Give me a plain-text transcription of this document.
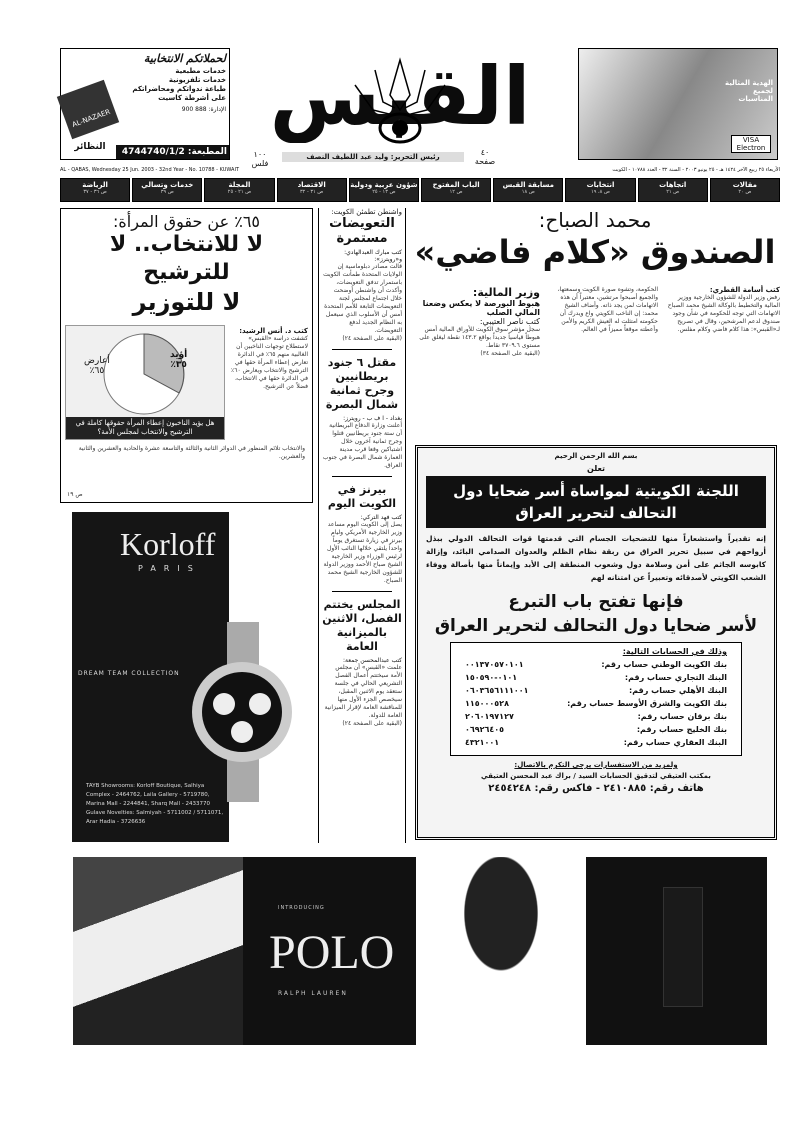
لحملاتكم الانتخابية
خدمات مطبعية
خدمات تلفزيونية
طباعة ندواتكم ومحاضراتكم على أشرطة كاسيت
الإدارة: 888 900
AL-NAZAER
النظائر	المطبعة: 4744740/1/2
القبس
٤٠
صفحة
١٠٠
فلس
رئيس التحرير: وليد عبد اللطيف النصف
الهدية المثالية لجميع المناسبات
VISA Electron
الأربعاء ٢٥ ربيع الآخر ١٤٢٤ هـ - ٢٥ يونيو ٢٠٠٣ - السنة ٣٢ - العدد ١٠٧٨٨ - الكويت
AL - QABAS, Wednesday 25 Jun. 2003 - 32nd Year - No. 10788 - KUWAIT
مقالات
ص ٢٠
اتجاهات
ص ٢١
انتخابات
ص ٨، ١٩
مسابقة القبس
ص ١٨
الباب المفتوح
ص ١٢
شؤون عربية ودولية
ص ١٣ - ٢٥
الاقتصاد
ص ٣١ - ٣٢
المجلة
ص ٢١ - ٢٥
خدمات وتسالي
ص ٣٩
الرياضة
ص ٣٦ - ٣٧
محمد الصباح:
الصندوق «كلام فاضي»
كتب أسامة القطري:
رفض وزير الدولة للشؤون الخارجية ووزير المالية والتخطيط بالوكالة الشيخ محمد الصباح الاتهامات التي توجه للحكومة في شأن وجود صندوق لدعم المرشحين، وقال في تصريح لـ«القبس»: هذا كلام فاضي وكلام مفلس.
الحكومة، وتشوه صورة الكويت وسمعتها، والجميع أصبحوا مرتشين، معتبراً أن هذه الاتهامات لمن يجد ذاته. وأضاف الشيخ محمد: إن الناخب الكويتي واع ويدرك أن حكومته امتثلت له العيش الكريم والأمن وأعطته موقعاً مميزاً في العالم.
وزير المالية:
هبوط البورصة لا يعكس وضعنا المالي الصلب
كتب ناصر العتيبي:
سجل مؤشر سوق الكويت للأوراق المالية أمس هبوطاً قياسياً جديداً بواقع ١٤٣.٢ نقطة ليغلق على مستوى ٣٧٠٩.٦ نقاط.
(البقية على الصفحة ٣٤)
بسم الله الرحمن الرحيم
تعلن
اللجنة الكويتية لمواساة أسر ضحايا دول التحالف لتحرير العراق
إنه تقديراً واستشعاراً منها للتضحيات الجسام التي قدمتها قوات التحالف الدولي ببذل أرواحهم في سبيل تحرير العراق من ربقة نظام الظلم والعدوان الصدامي البائد، وإزالة كابوسه الجاثم على أمن وسلامة دول وشعوب المنطقة إلى الأبد وإيماناً منها بأصالة ووفاء الشعب الكويتي لأصدقائه وتعبيراً عن امتنانه لهم
فإنها تفتح باب التبرع
لأسر ضحايا دول التحالف لتحرير العراق
وذلك في الحسابات التالية:
بنك الكويت الوطني حساب رقم:
٠٠١٣٧٠٥٧٠١٠١
البنك التجاري حساب رقم:
٠١٠١-١٥٠٥٩٠
البنك الأهلي حساب رقم:
٠٦٠٣٦٥٦١١١٠٠١
بنك الكويت والشرق الأوسط حساب رقم:
١١٥٠٠٠٥٢٨
بنك برقان حساب رقم:
٢٠٦٠١٩٧١٢٧
بنك الخليج حساب رقم:
٠٦٩٢٦٤٠٥
البنك العقاري حساب رقم:
٤٣٢١٠٠١
ولمزيد من الاستفسارات يرجى التكرم بالاتصال:
بمكتب العتيقي لتدقيق الحسابات السيد / براك عبد المحسن العتيقي
هاتف رقم: ٢٤١٠٨٨٥ - فاكس رقم: ٢٤٥٤٢٤٨
واشنطن تطمئن الكويت:
التعويضات مستمرة
كتب مبارك العبدالهادي: و«رويترز»:
قالت مصادر دبلوماسية إن الولايات المتحدة طمأنت الكويت باستمرار تدفق التعويضات، وأكدت أن واشنطن أوضحت خلال اجتماع لمجلس لجنة التعويضات التابعة للأمم المتحدة أمس أن الأسلوب الذي سيعمل به النظام الجديد لدفع التعويضات.
(البقية على الصفحة ٢٤)
مقتل ٦ جنود بريطانيين وجرح ثمانية شمال البصرة
بغداد - ا ف ب - رويترز:
أعلنت وزارة الدفاع البريطانية أن ستة جنود بريطانيين قتلوا وجرح ثمانية آخرون خلال اشتباكين وقعا قرب مدينة العمارة شمال البصرة في جنوب العراق.
بيرنز في الكويت اليوم
كتب فهد التركي:
يصل إلى الكويت اليوم مساعد وزير الخارجية الأمريكي وليام بيرنز في زيارة تستغرق يوماً واحداً يلتقي خلالها النائب الأول لرئيس الوزراء وزير الخارجية الشيخ صباح الأحمد ووزير الدولة للشؤون الخارجية الشيخ محمد الصباح.
المجلس يختتم الفصل، الاثنين بالميزانية العامة
كتب عبدالمحسن جمعة:
علمت «القبس» أن مجلس الأمة سيختتم أعمال الفصل التشريعي الحالي في جلسة ستعقد يوم الاثنين المقبل، سيخصص الجزء الأول منها للمناقشة العامة لإقرار الميزانية العامة للدولة.
(البقية على الصفحة ٢٤)
٦٥٪ عن حقوق المرأة:
لا للانتخاب.. لا للترشيح
لا للتوزير
كتب د. أنس الرشيد:
كشفت دراسة «القبس» لاستطلاع توجهات الناخبين أن الغالبية منهم ٦٥٪ في الدائرة تعارض إعطاء المرأة حقها في الترشيح والانتخاب ويعارض ٦٠٪ في الدائرة حقها في الانتخاب، فضلاً عن الترشيح.
أعارض
٦٥٪
أؤيد
٣٥٪
هل يؤيد الناخبون إعطاء المرأة حقوقها كاملة في الترشيح والانتخاب لمجلس الأمة؟
والانتخاب تلائم المنظور في الدوائر الثانية والثالثة والتاسعة عشرة والحادية والعشرين والثانية والعشرين.
ص ١٩
Korloff
PARIS
DREAM TEAM COLLECTION
TAYB Showrooms: Korloff Boutique, Salhiya
Complex - 2464762, Laila Gallery - 5719780,
Marina Mall - 2244841, Sharq Mall - 2433770
Gulave Novelties: Salmiyah - 5711002 / 5711071,
Arar Hadia - 3726636
INTRODUCING
POLO
RALPH LAUREN
